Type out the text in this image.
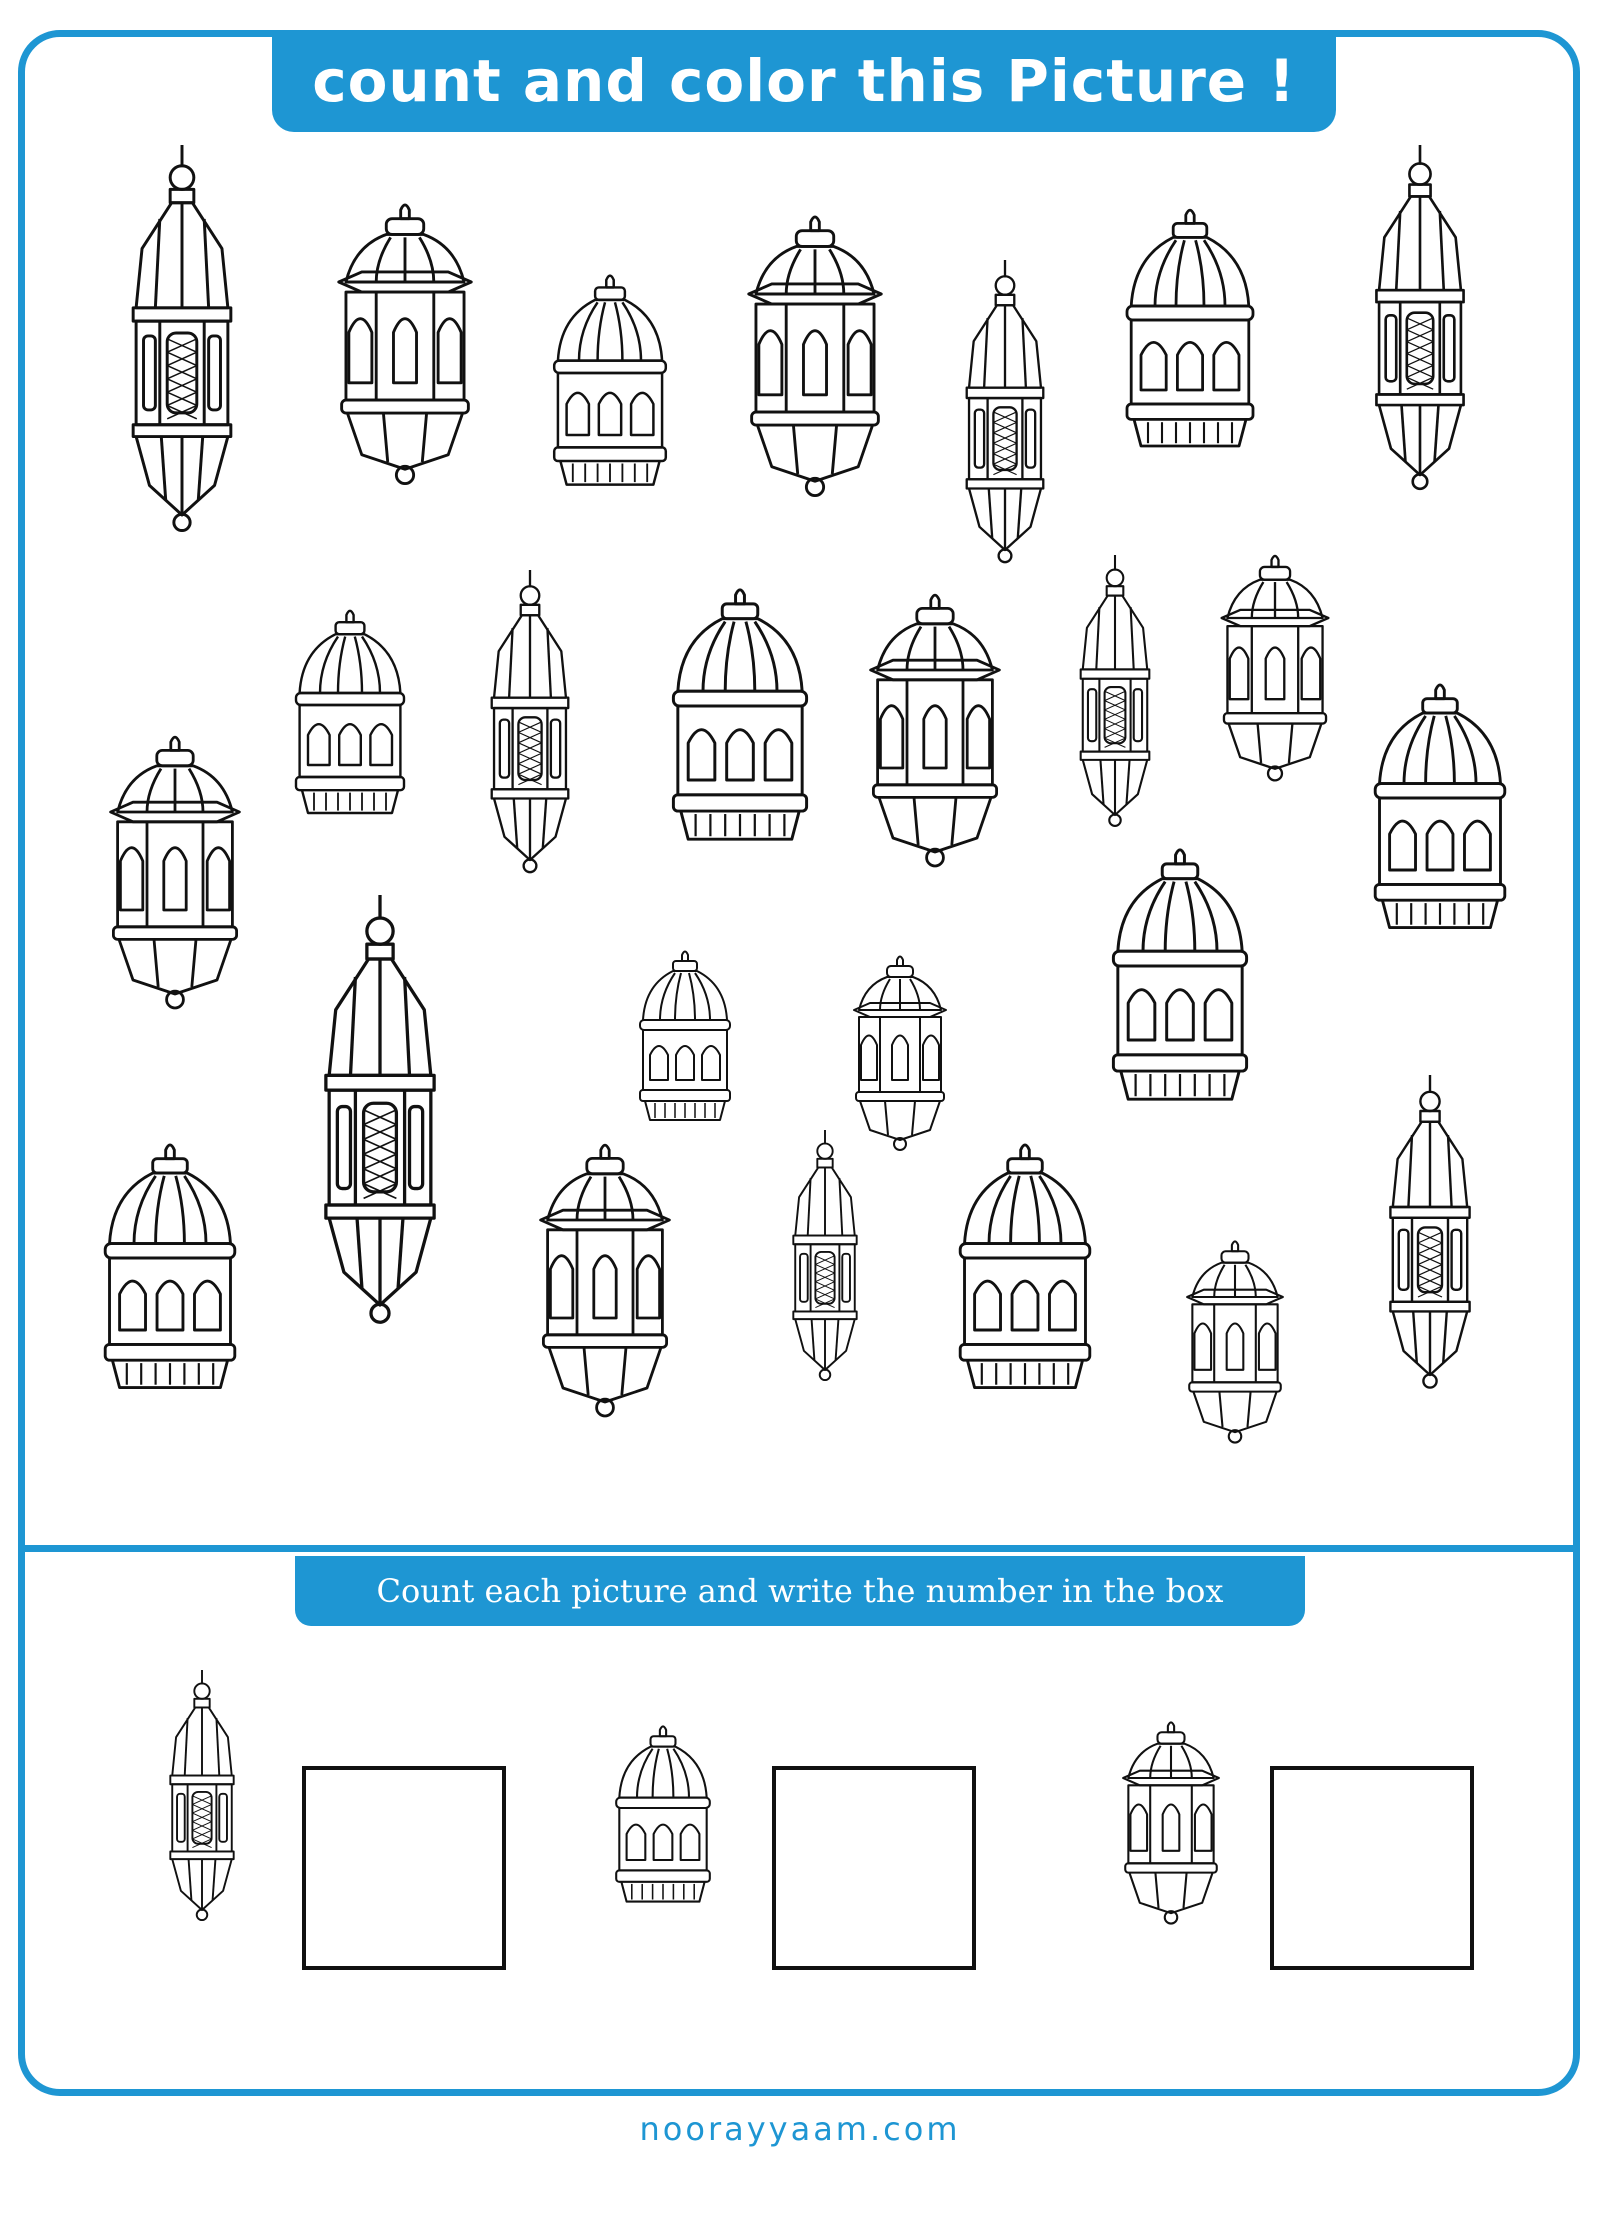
count and color this Picture !
Count each picture and write the number in the box
noorayyaam.com
